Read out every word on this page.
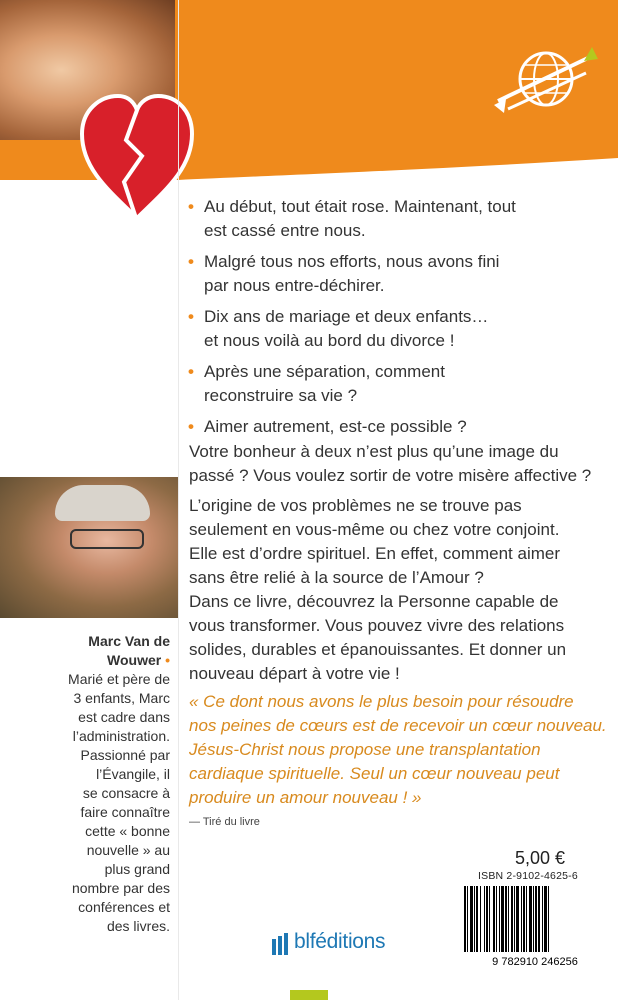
Marc Van de
Wouwer •
Marié et père de
3 enfants, Marc
est cadre dans
l’administration.
Passionné par
l’Évangile, il
se consacre à
faire connaître
cette « bonne
nouvelle » au
plus grand
nombre par des
conférences et
des livres.
• Au début, tout était rose. Maintenant, tout
est cassé entre nous.
• Malgré tous nos efforts, nous avons fini
par nous entre-déchirer.
• Dix ans de mariage et deux enfants…
et nous voilà au bord du divorce !
• Après une séparation, comment
reconstruire sa vie ?
• Aimer autrement, est-ce possible ?
Votre bonheur à deux n’est plus qu’une image du
passé ? Vous voulez sortir de votre misère affective ?
L’origine de vos problèmes ne se trouve pas
seulement en vous-même ou chez votre conjoint.
Elle est d’ordre spirituel. En effet, comment aimer
sans être relié à la source de l’Amour ?
Dans ce livre, découvrez la Personne capable de
vous transformer. Vous pouvez vivre des relations
solides, durables et épanouissantes. Et donner un
nouveau départ à votre vie !
« Ce dont nous avons le plus besoin pour résoudre
nos peines de cœurs est de recevoir un cœur nouveau.
Jésus-Christ nous propose une transplantation
cardiaque spirituelle. Seul un cœur nouveau peut
produire un amour nouveau ! »
— Tiré du livre
5,00 €
ISBN 2-9102-4625-6
9 782910 246256
blféditions
